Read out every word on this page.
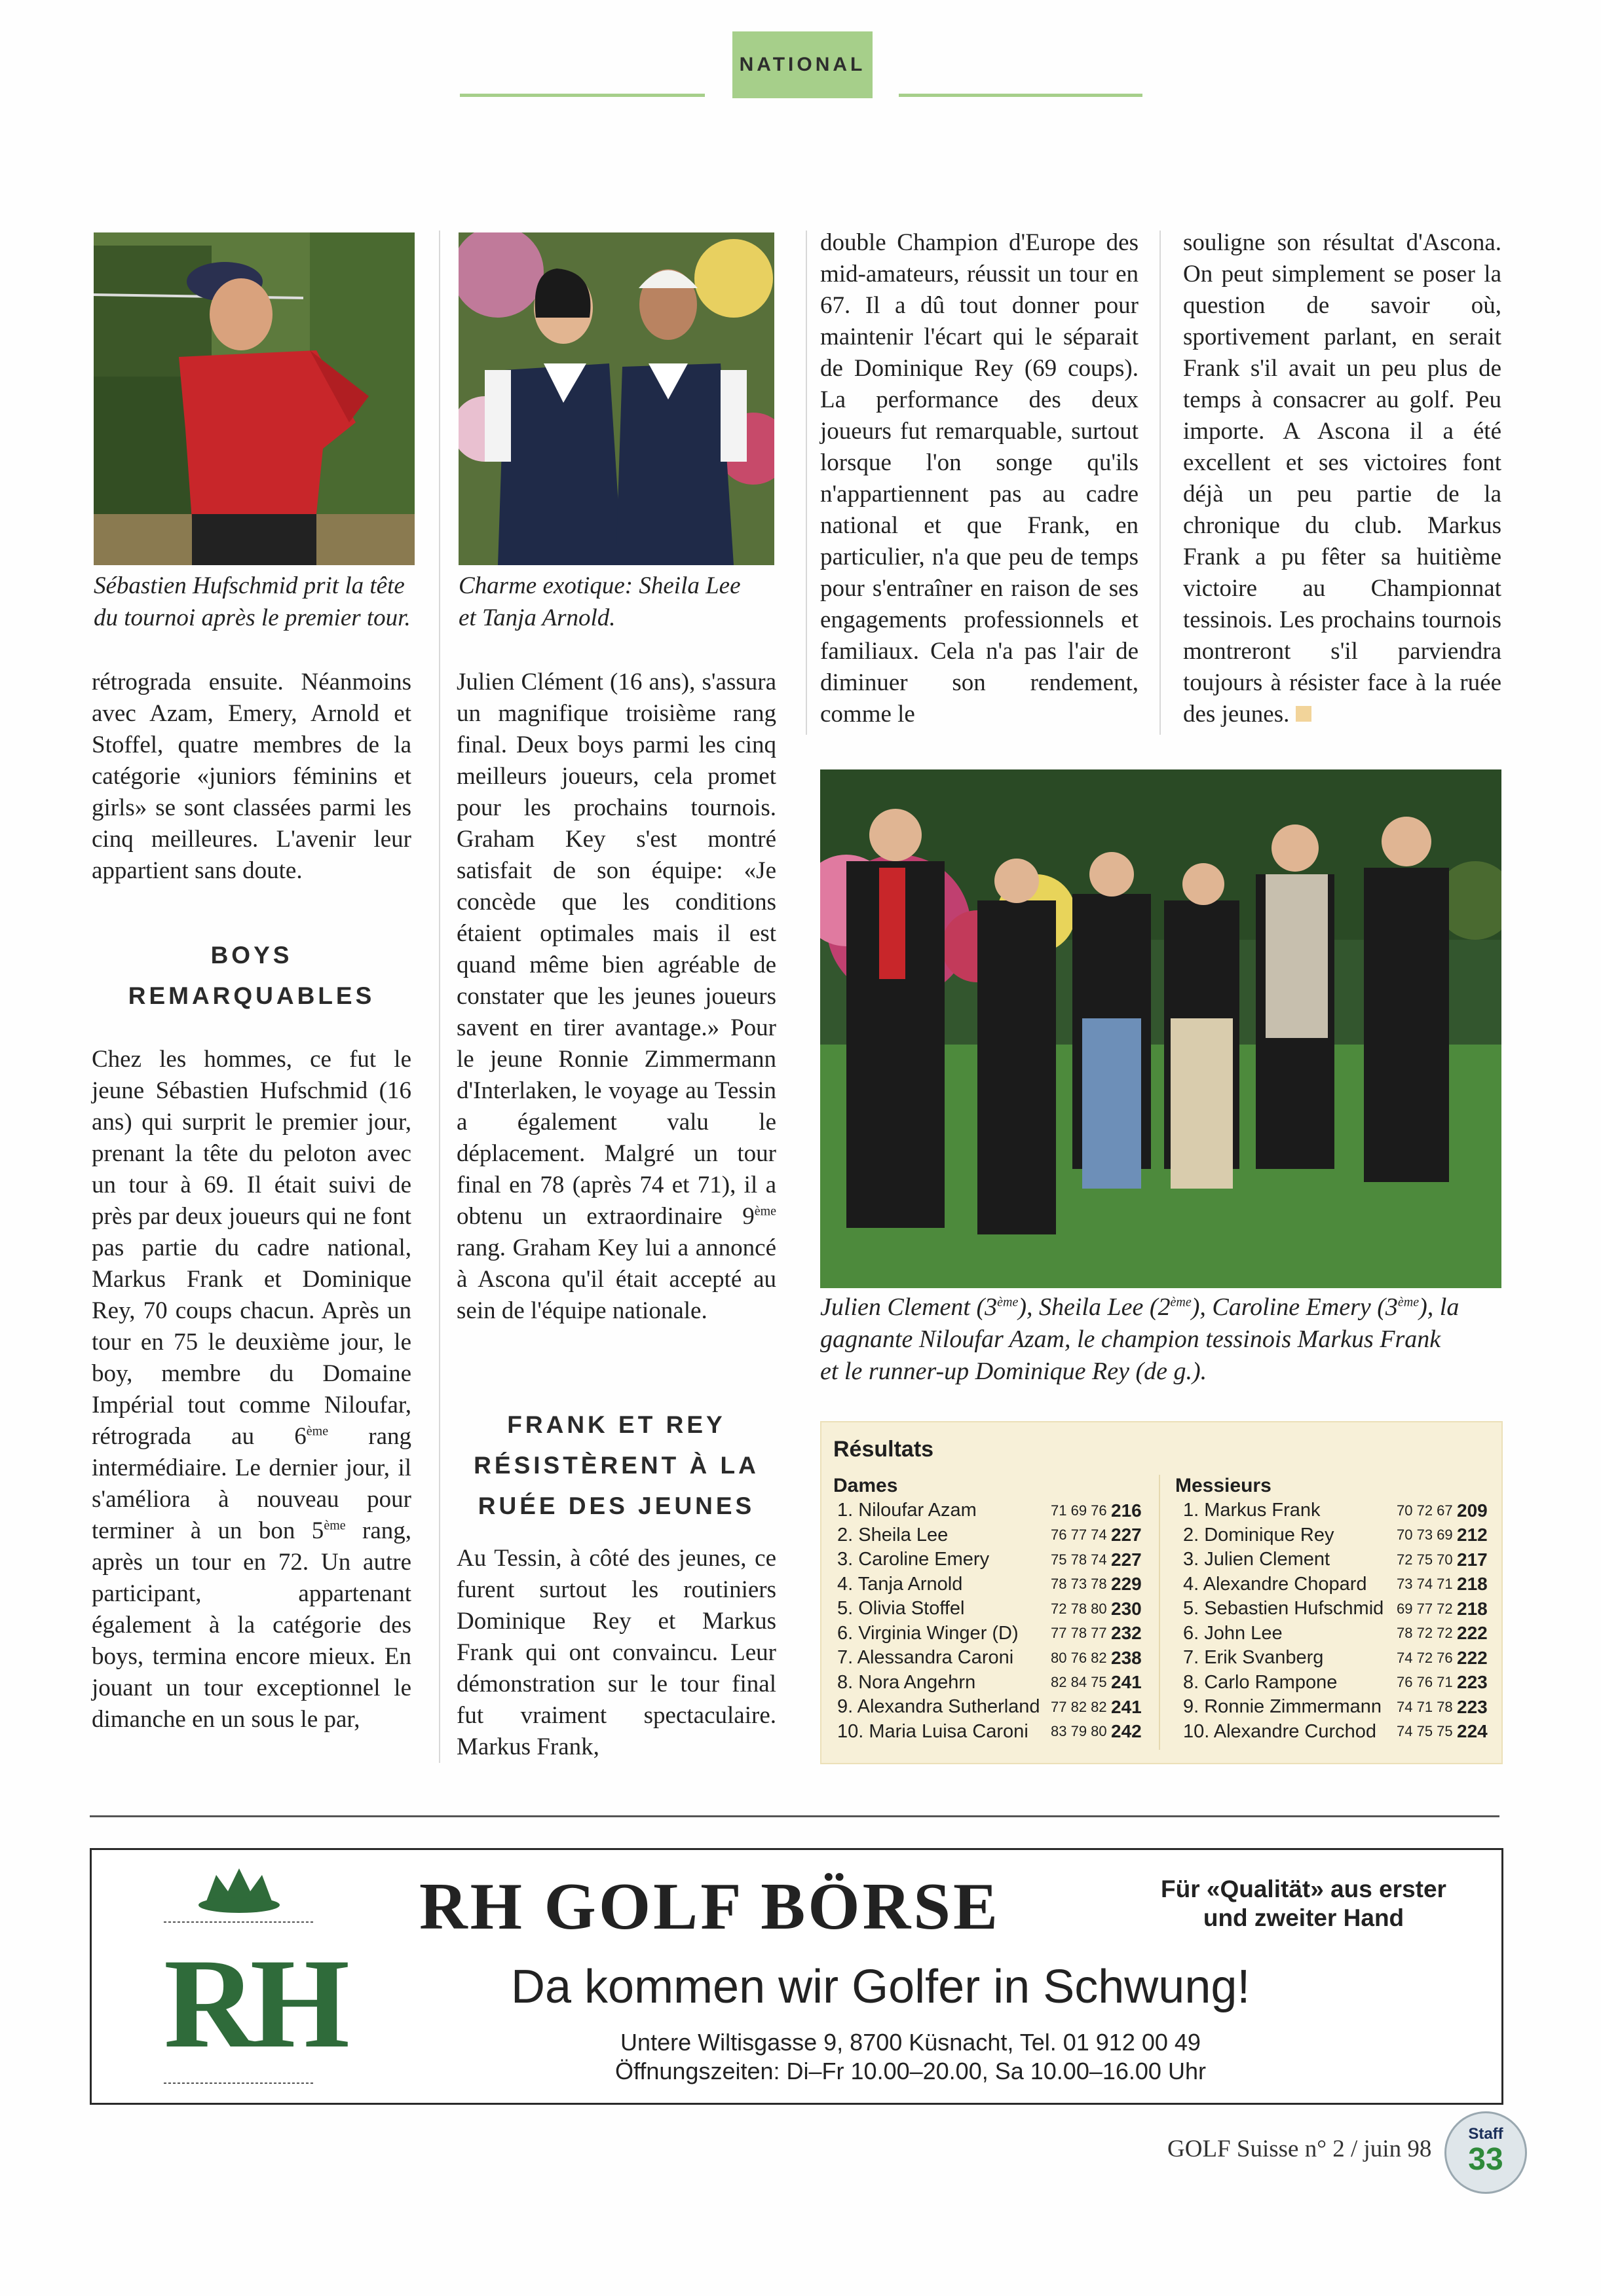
NATIONAL
Sébastien Hufschmid prit la tête
du tournoi après le premier tour.
Charme exotique: Sheila Lee
et Tanja Arnold.

rétrograda ensuite. Néanmoins avec Azam, Emery, Arnold et Stoffel, quatre membres de la catégorie «juniors féminins et girls» se sont classées parmi les cinq meilleures. L'avenir leur appartient sans doute.

BOYS
REMARQUABLES

Chez les hommes, ce fut le jeune Sébastien Hufschmid (16 ans) qui surprit le premier jour, prenant la tête du peloton avec un tour à 69. Il était suivi de près par deux joueurs qui ne font pas partie du cadre national, Markus Frank et Dominique Rey, 70 coups chacun. Après un tour en 75 le deuxième jour, le boy, membre du Domaine Impérial tout comme Niloufar, rétrograda au 6ème rang intermédiaire. Le dernier jour, il s'améliora à nouveau pour terminer à un bon 5ème rang, après un tour en 72. Un autre participant, appartenant également à la catégorie des boys, termina encore mieux. En jouant un tour exceptionnel le dimanche en un sous le par,

Julien Clément (16 ans), s'assura un magnifique troisième rang final. Deux boys parmi les cinq meilleurs joueurs, cela promet pour les prochains tournois. Graham Key s'est montré satisfait de son équipe: «Je concède que les conditions étaient optimales mais il est quand même bien agréable de constater que les jeunes joueurs savent en tirer avantage.» Pour le jeune Ronnie Zimmermann d'Interlaken, le voyage au Tessin a également valu le déplacement. Malgré un tour final en 78 (après 74 et 71), il a obtenu un extraordinaire 9ème rang. Graham Key lui a annoncé à Ascona qu'il était accepté au sein de l'équipe nationale.

FRANK ET REY
RÉSISTÈRENT À LA
RUÉE DES JEUNES

Au Tessin, à côté des jeunes, ce furent surtout les routiniers Dominique Rey et Markus Frank qui ont convaincu. Leur démonstration sur le tour final fut vraiment spectaculaire. Markus Frank,

double Champion d'Europe des mid-amateurs, réussit un tour en 67. Il a dû tout donner pour maintenir l'écart qui le séparait de Dominique Rey (69 coups). La performance des deux joueurs fut remarquable, surtout lorsque l'on songe qu'ils n'appartiennent pas au cadre national et que Frank, en particulier, n'a que peu de temps pour s'entraîner en raison de ses engagements professionnels et familiaux. Cela n'a pas l'air de diminuer son rendement, comme le

souligne son résultat d'Ascona. On peut simplement se poser la question de savoir où, sportivement parlant, en serait Frank s'il avait un peu plus de temps à consacrer au golf. Peu importe. A Ascona il a été excellent et ses victoires font déjà un peu partie de la chronique du club. Markus Frank a pu fêter sa huitième victoire au Championnat tessinois. Les prochains tournois montreront s'il parviendra toujours à résister face à la ruée des jeunes.

Julien Clement (3ème), Sheila Lee (2ème), Caroline Emery (3ème), la
gagnante Niloufar Azam, le champion tessinois Markus Frank
et le runner-up Dominique Rey (de g.).
Résultats
Dames	Messieurs
1. Niloufar Azam	71 69 76 216
2. Sheila Lee	76 77 74 227
3. Caroline Emery	75 78 74 227
4. Tanja Arnold	78 73 78 229
5. Olivia Stoffel	72 78 80 230
6. Virginia Winger (D)	77 78 77 232
7. Alessandra Caroni	80 76 82 238
8. Nora Angehrn	82 84 75 241
9. Alexandra Sutherland 77 82 82 241
10. Maria Luisa Caroni	83 79 80 242
1. Markus Frank	70 72 67 209
2. Dominique Rey	70 73 69 212
3. Julien Clement	72 75 70 217
4. Alexandre Chopard	73 74 71 218
5. Sebastien Hufschmid 69 77 72 218
6. John Lee	78 72 72 222
7. Erik Svanberg	74 72 76 222
8. Carlo Rampone	76 76 71 223
9. Ronnie Zimmermann	74 71 78 223
10. Alexandre Curchod	74 75 75 224
RH
RH GOLF BÖRSE	Für «Qualität» aus erster
und zweiter Hand
Da kommen wir Golfer in Schwung!
Untere Wiltisgasse 9, 8700 Küsnacht, Tel. 01 912 00 49
Öffnungszeiten: Di–Fr 10.00–20.00, Sa 10.00–16.00 Uhr
GOLF Suisse n° 2 / juin 98
Staff
33
